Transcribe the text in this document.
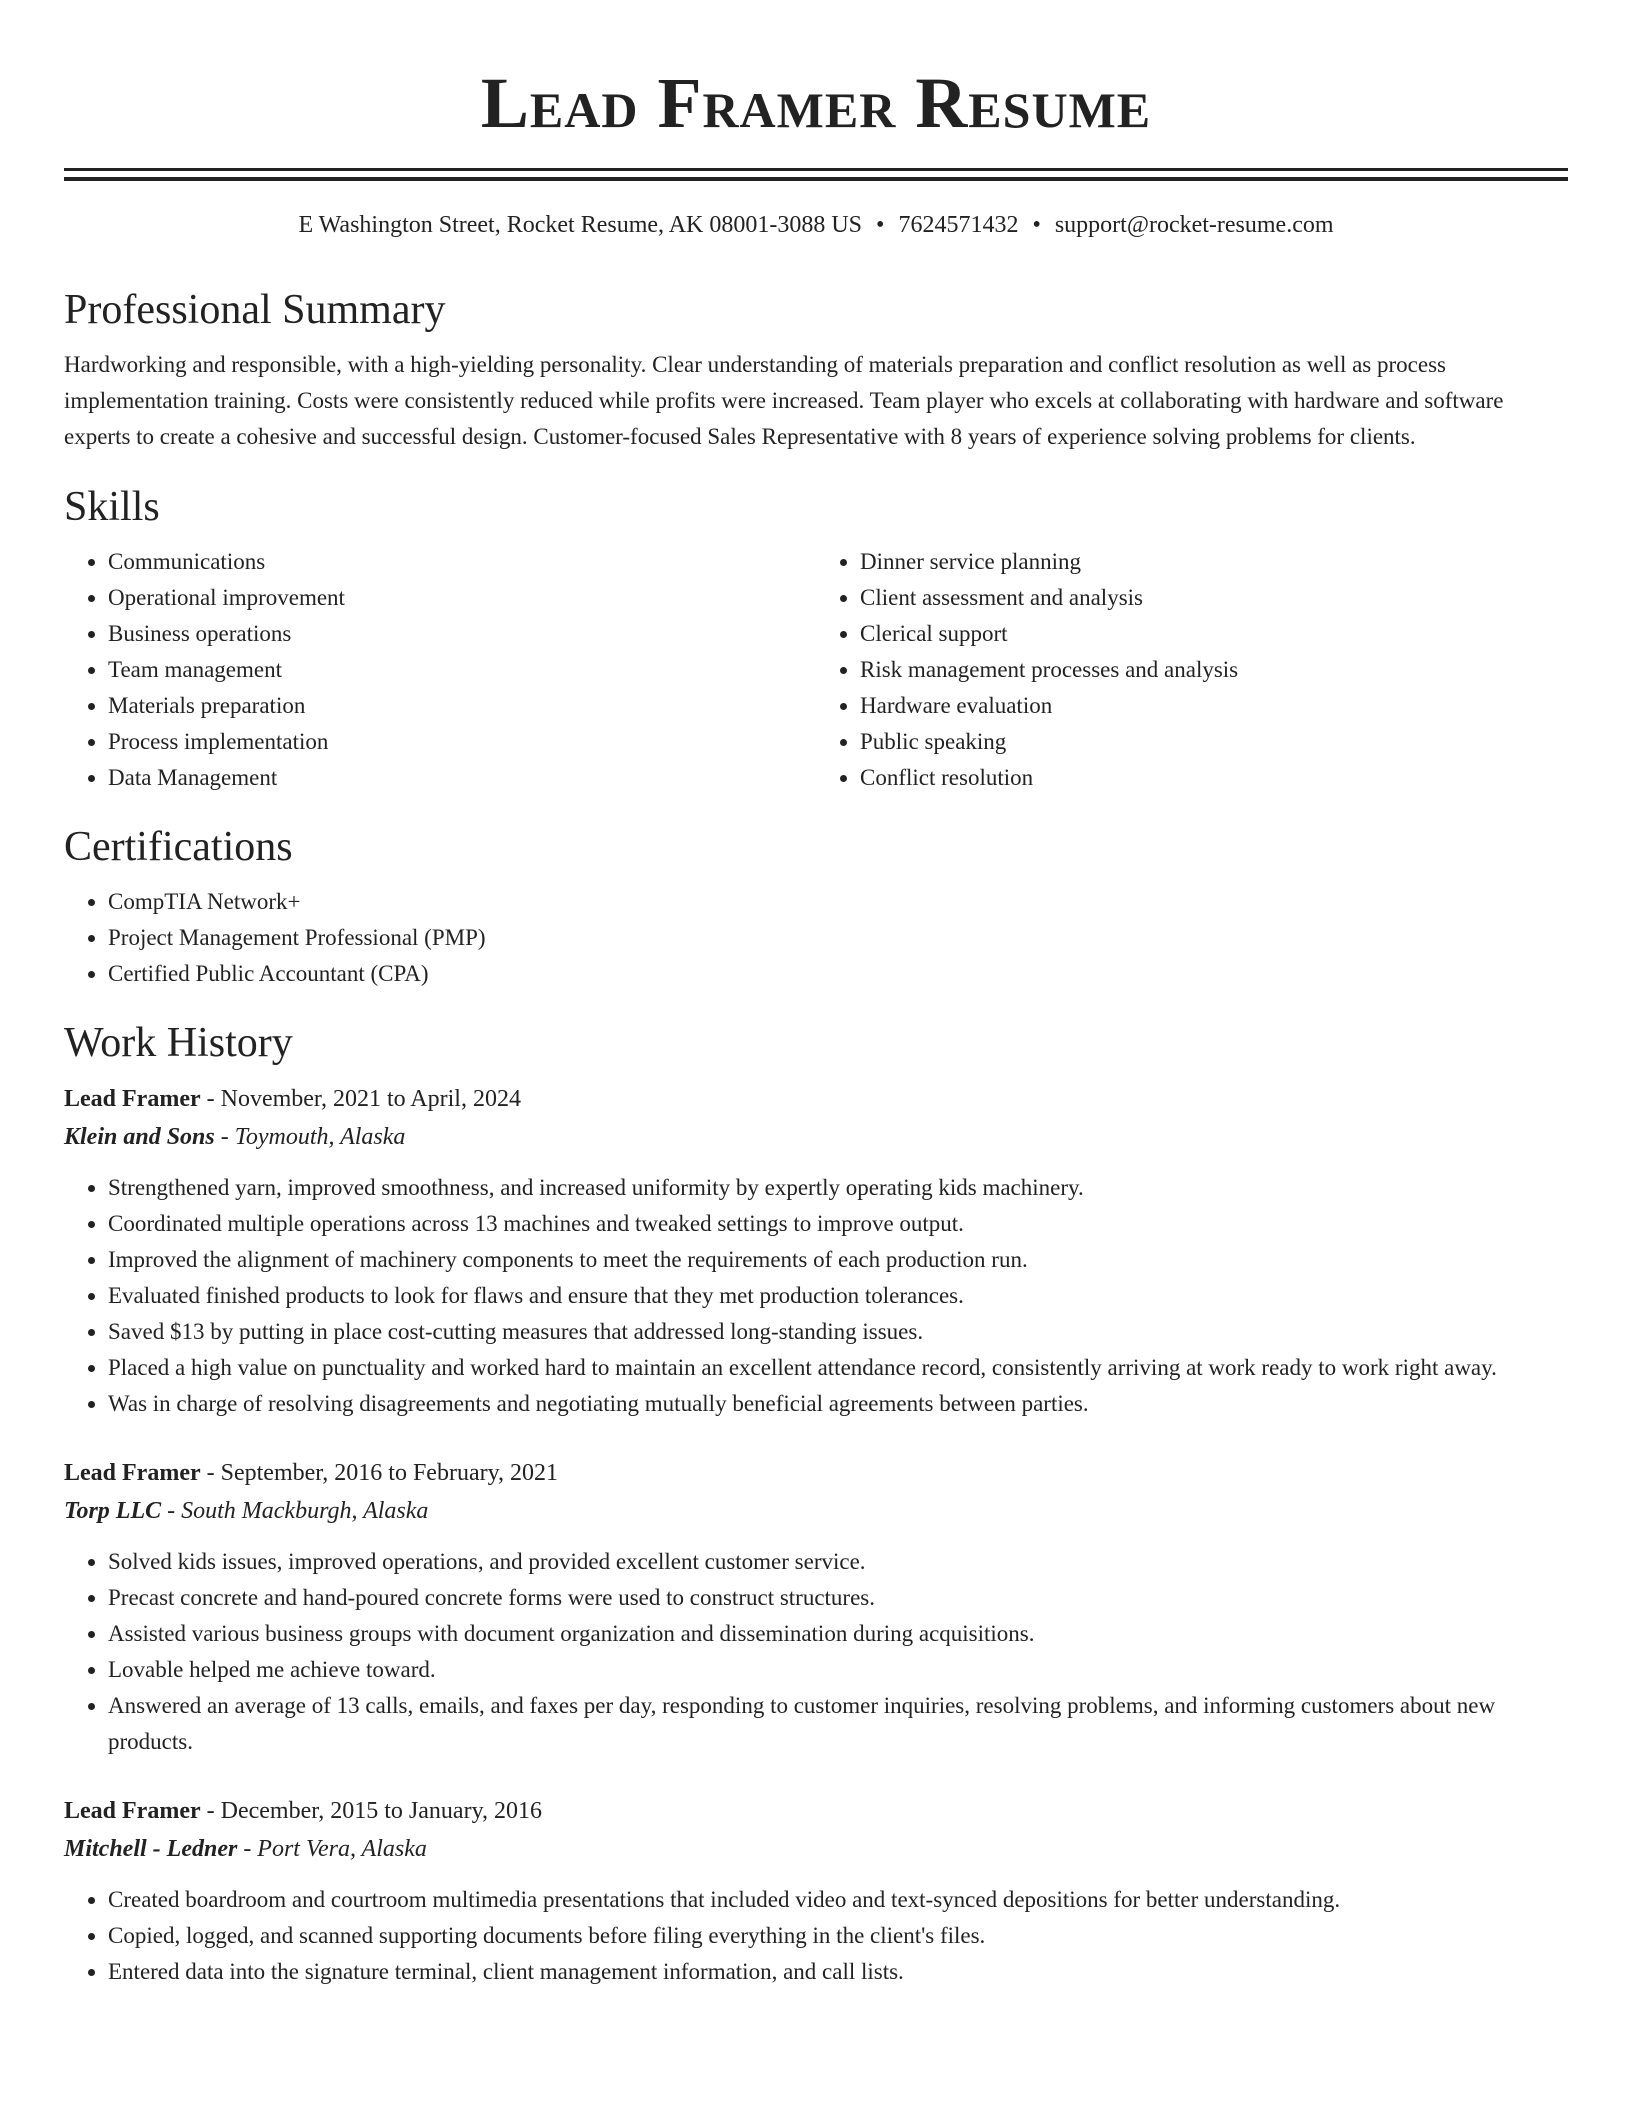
Lead Framer Resume
E Washington Street, Rocket Resume, AK 08001-3088 US • 7624571432 • support@rocket-resume.com
Professional Summary

Hardworking and responsible, with a high-yielding personality. Clear understanding of materials preparation and conflict resolution as well as process implementation training. Costs were consistently reduced while profits were increased. Team player who excels at collaborating with hardware and software experts to create a cohesive and successful design. Customer-focused Sales Representative with 8 years of experience solving problems for clients.

Skills
• Communications
• Operational improvement
• Business operations
• Team management
• Materials preparation
• Process implementation
• Data Management
• Dinner service planning
• Client assessment and analysis
• Clerical support
• Risk management processes and analysis
• Hardware evaluation
• Public speaking
• Conflict resolution
Certifications
• CompTIA Network+
• Project Management Professional (PMP)
• Certified Public Accountant (CPA)
Work History
Lead Framer - November, 2021 to April, 2024
Klein and Sons - Toymouth, Alaska
• Strengthened yarn, improved smoothness, and increased uniformity by expertly operating kids machinery.
• Coordinated multiple operations across 13 machines and tweaked settings to improve output.
• Improved the alignment of machinery components to meet the requirements of each production run.
• Evaluated finished products to look for flaws and ensure that they met production tolerances.
• Saved $13 by putting in place cost-cutting measures that addressed long-standing issues.
• Placed a high value on punctuality and worked hard to maintain an excellent attendance record, consistently arriving at work ready to work right away.
• Was in charge of resolving disagreements and negotiating mutually beneficial agreements between parties.
Lead Framer - September, 2016 to February, 2021
Torp LLC - South Mackburgh, Alaska
• Solved kids issues, improved operations, and provided excellent customer service.
• Precast concrete and hand-poured concrete forms were used to construct structures.
• Assisted various business groups with document organization and dissemination during acquisitions.
• Lovable helped me achieve toward.
• Answered an average of 13 calls, emails, and faxes per day, responding to customer inquiries, resolving problems, and informing customers about new products.
Lead Framer - December, 2015 to January, 2016
Mitchell - Ledner - Port Vera, Alaska
• Created boardroom and courtroom multimedia presentations that included video and text-synced depositions for better understanding.
• Copied, logged, and scanned supporting documents before filing everything in the client's files.
• Entered data into the signature terminal, client management information, and call lists.
